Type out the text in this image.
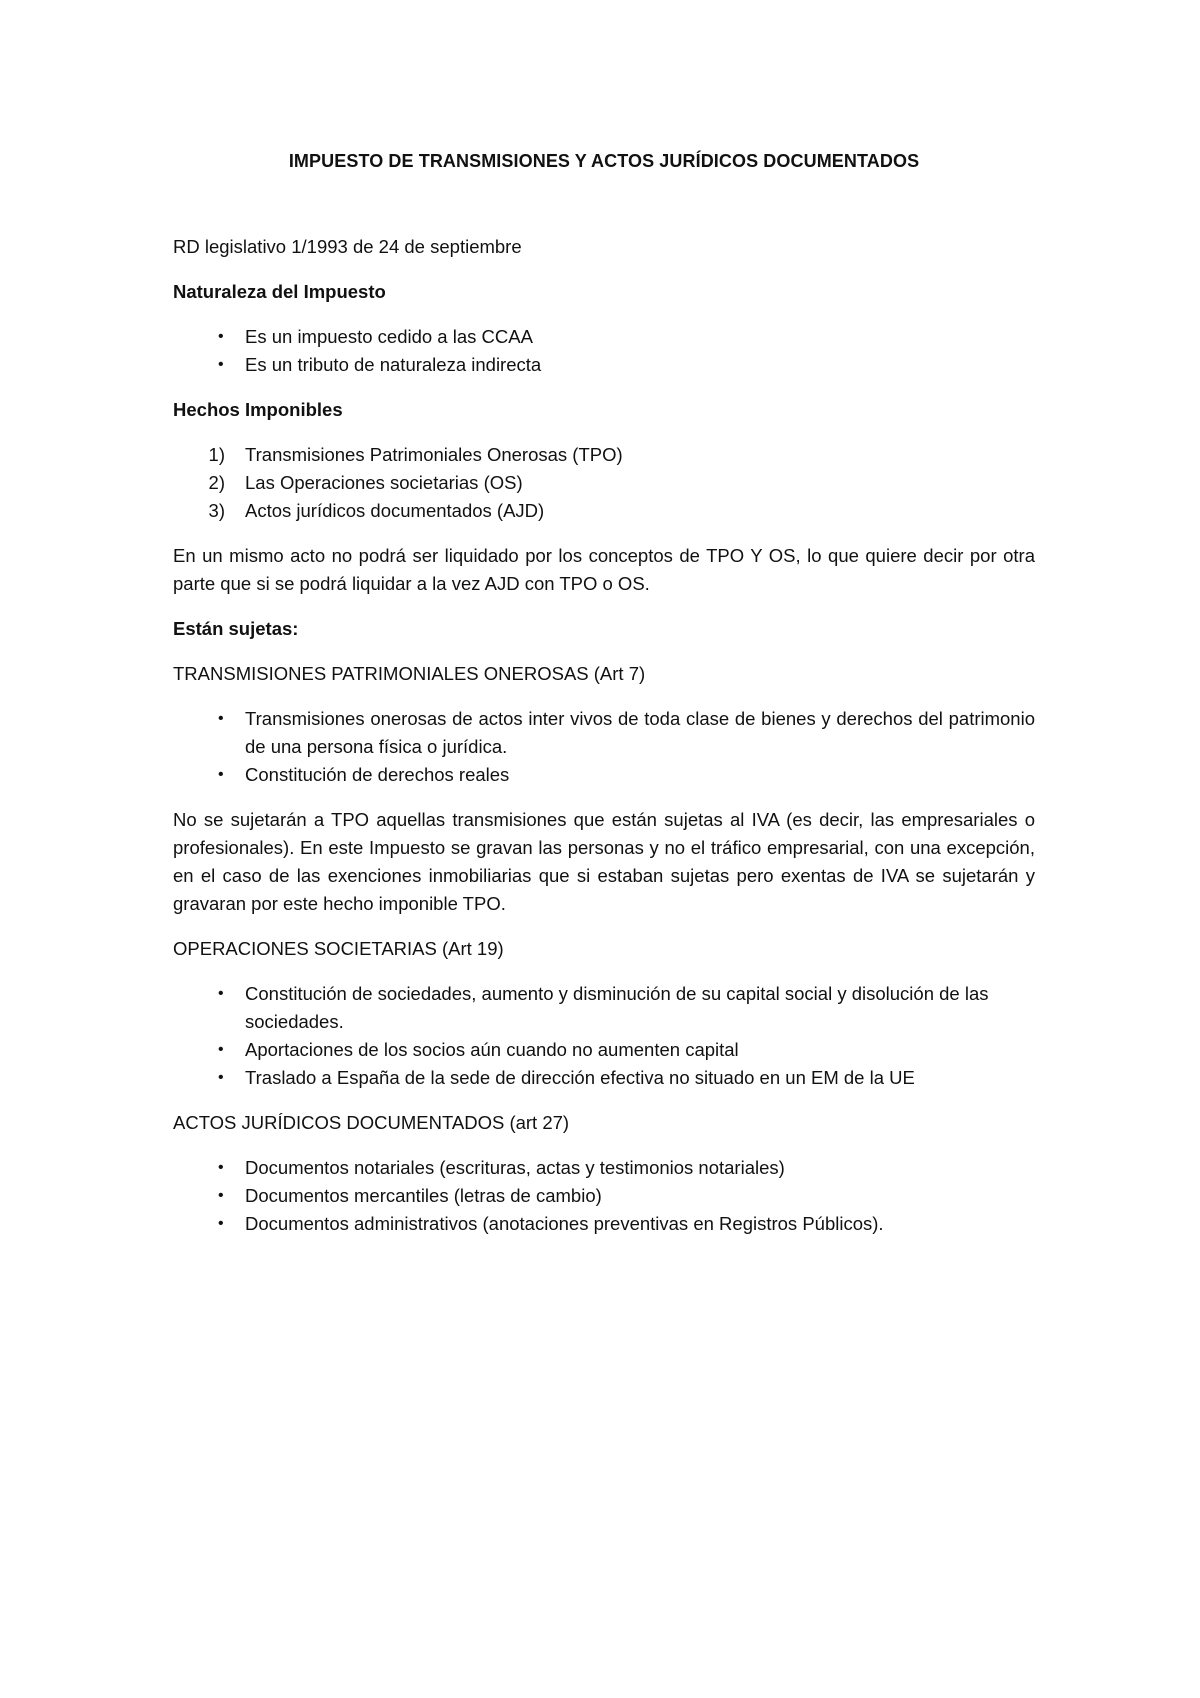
IMPUESTO DE TRANSMISIONES Y ACTOS JURÍDICOS DOCUMENTADOS

RD legislativo 1/1993 de 24 de septiembre

Naturaleza del Impuesto

• Es un impuesto cedido a las CCAA
• Es un tributo de naturaleza indirecta

Hechos Imponibles

1) Transmisiones Patrimoniales Onerosas (TPO)
2) Las Operaciones societarias (OS)
3) Actos jurídicos documentados (AJD)

En un mismo acto no podrá ser liquidado por los conceptos de TPO Y OS, lo que quiere decir por otra parte que si se podrá liquidar a la vez AJD con TPO o OS.

Están sujetas:

TRANSMISIONES PATRIMONIALES ONEROSAS (Art 7)

• Transmisiones onerosas de actos inter vivos de toda clase de bienes y derechos del patrimonio de una persona física o jurídica.
• Constitución de derechos reales

No se sujetarán a TPO aquellas transmisiones que están sujetas al IVA (es decir, las empresariales o profesionales). En este Impuesto se gravan las personas y no el tráfico empresarial, con una excepción, en el caso de las exenciones inmobiliarias que si estaban sujetas pero exentas de IVA se sujetarán y gravaran por este hecho imponible TPO.

OPERACIONES SOCIETARIAS (Art 19)

• Constitución de sociedades, aumento y disminución de su capital social y disolución de las sociedades.
• Aportaciones de los socios aún cuando no aumenten capital
• Traslado a España de la sede de dirección efectiva no situado en un EM de la UE

ACTOS JURÍDICOS DOCUMENTADOS (art 27)

• Documentos notariales (escrituras, actas y testimonios notariales)
• Documentos mercantiles (letras de cambio)
• Documentos administrativos (anotaciones preventivas en Registros Públicos).
